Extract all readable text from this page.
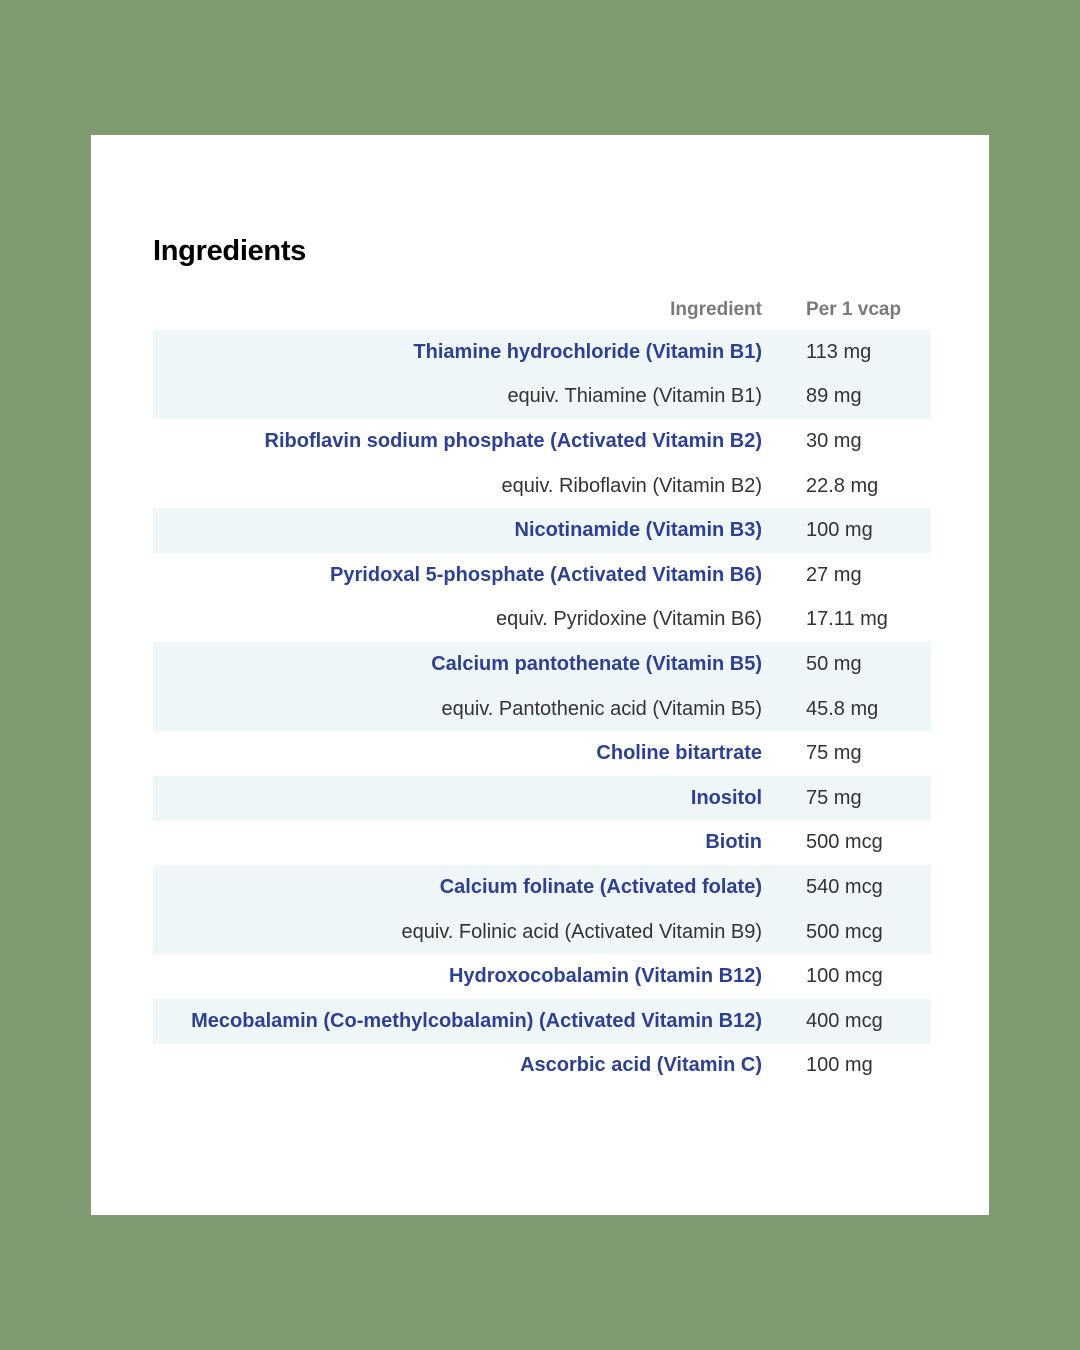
Ingredients
Ingredient	Per 1 vcap
Thiamine hydrochloride (Vitamin B1)	113 mg
equiv. Thiamine (Vitamin B1)	89 mg
Riboflavin sodium phosphate (Activated Vitamin B2)	30 mg
equiv. Riboflavin (Vitamin B2)	22.8 mg
Nicotinamide (Vitamin B3)	100 mg
Pyridoxal 5-phosphate (Activated Vitamin B6)	27 mg
equiv. Pyridoxine (Vitamin B6)	17.11 mg
Calcium pantothenate (Vitamin B5)	50 mg
equiv. Pantothenic acid (Vitamin B5)	45.8 mg
Choline bitartrate	75 mg
Inositol	75 mg
Biotin	500 mcg
Calcium folinate (Activated folate)	540 mcg
equiv. Folinic acid (Activated Vitamin B9)	500 mcg
Hydroxocobalamin (Vitamin B12)	100 mcg
Mecobalamin (Co-methylcobalamin) (Activated Vitamin B12)	400 mcg
Ascorbic acid (Vitamin C)	100 mg
